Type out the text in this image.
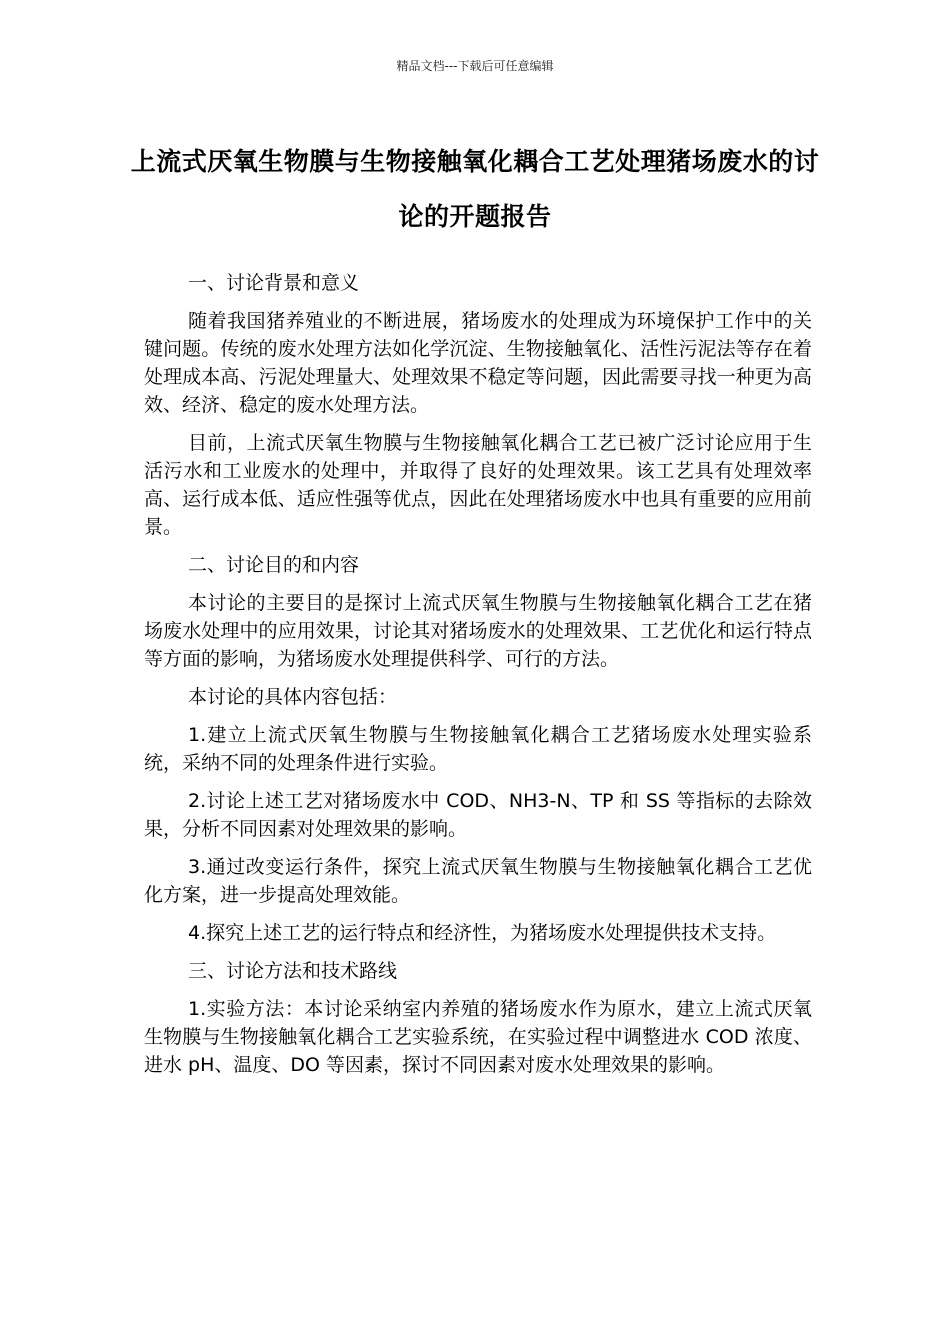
精品文档---下载后可任意编辑
上流式厌氧生物膜与生物接触氧化耦合工艺处理猪场废水的讨论的开题报告

一、讨论背景和意义

随着我国猪养殖业的不断进展，猪场废水的处理成为环境保护工作中的关键问题。传统的废水处理方法如化学沉淀、生物接触氧化、活性污泥法等存在着处理成本高、污泥处理量大、处理效果不稳定等问题，因此需要寻找一种更为高效、经济、稳定的废水处理方法。

目前，上流式厌氧生物膜与生物接触氧化耦合工艺已被广泛讨论应用于生活污水和工业废水的处理中，并取得了良好的处理效果。该工艺具有处理效率高、运行成本低、适应性强等优点，因此在处理猪场废水中也具有重要的应用前景。

二、讨论目的和内容

本讨论的主要目的是探讨上流式厌氧生物膜与生物接触氧化耦合工艺在猪场废水处理中的应用效果，讨论其对猪场废水的处理效果、工艺优化和运行特点等方面的影响，为猪场废水处理提供科学、可行的方法。

本讨论的具体内容包括：

1.建立上流式厌氧生物膜与生物接触氧化耦合工艺猪场废水处理实验系统，采纳不同的处理条件进行实验。

2.讨论上述工艺对猪场废水中 COD、NH3-N、TP 和 SS 等指标的去除效果，分析不同因素对处理效果的影响。

3.通过改变运行条件，探究上流式厌氧生物膜与生物接触氧化耦合工艺优化方案，进一步提高处理效能。

4.探究上述工艺的运行特点和经济性，为猪场废水处理提供技术支持。

三、讨论方法和技术路线

1.实验方法：本讨论采纳室内养殖的猪场废水作为原水，建立上流式厌氧生物膜与生物接触氧化耦合工艺实验系统，在实验过程中调整进水 COD 浓度、进水 pH、温度、DO 等因素，探讨不同因素对废水处理效果的影响。
